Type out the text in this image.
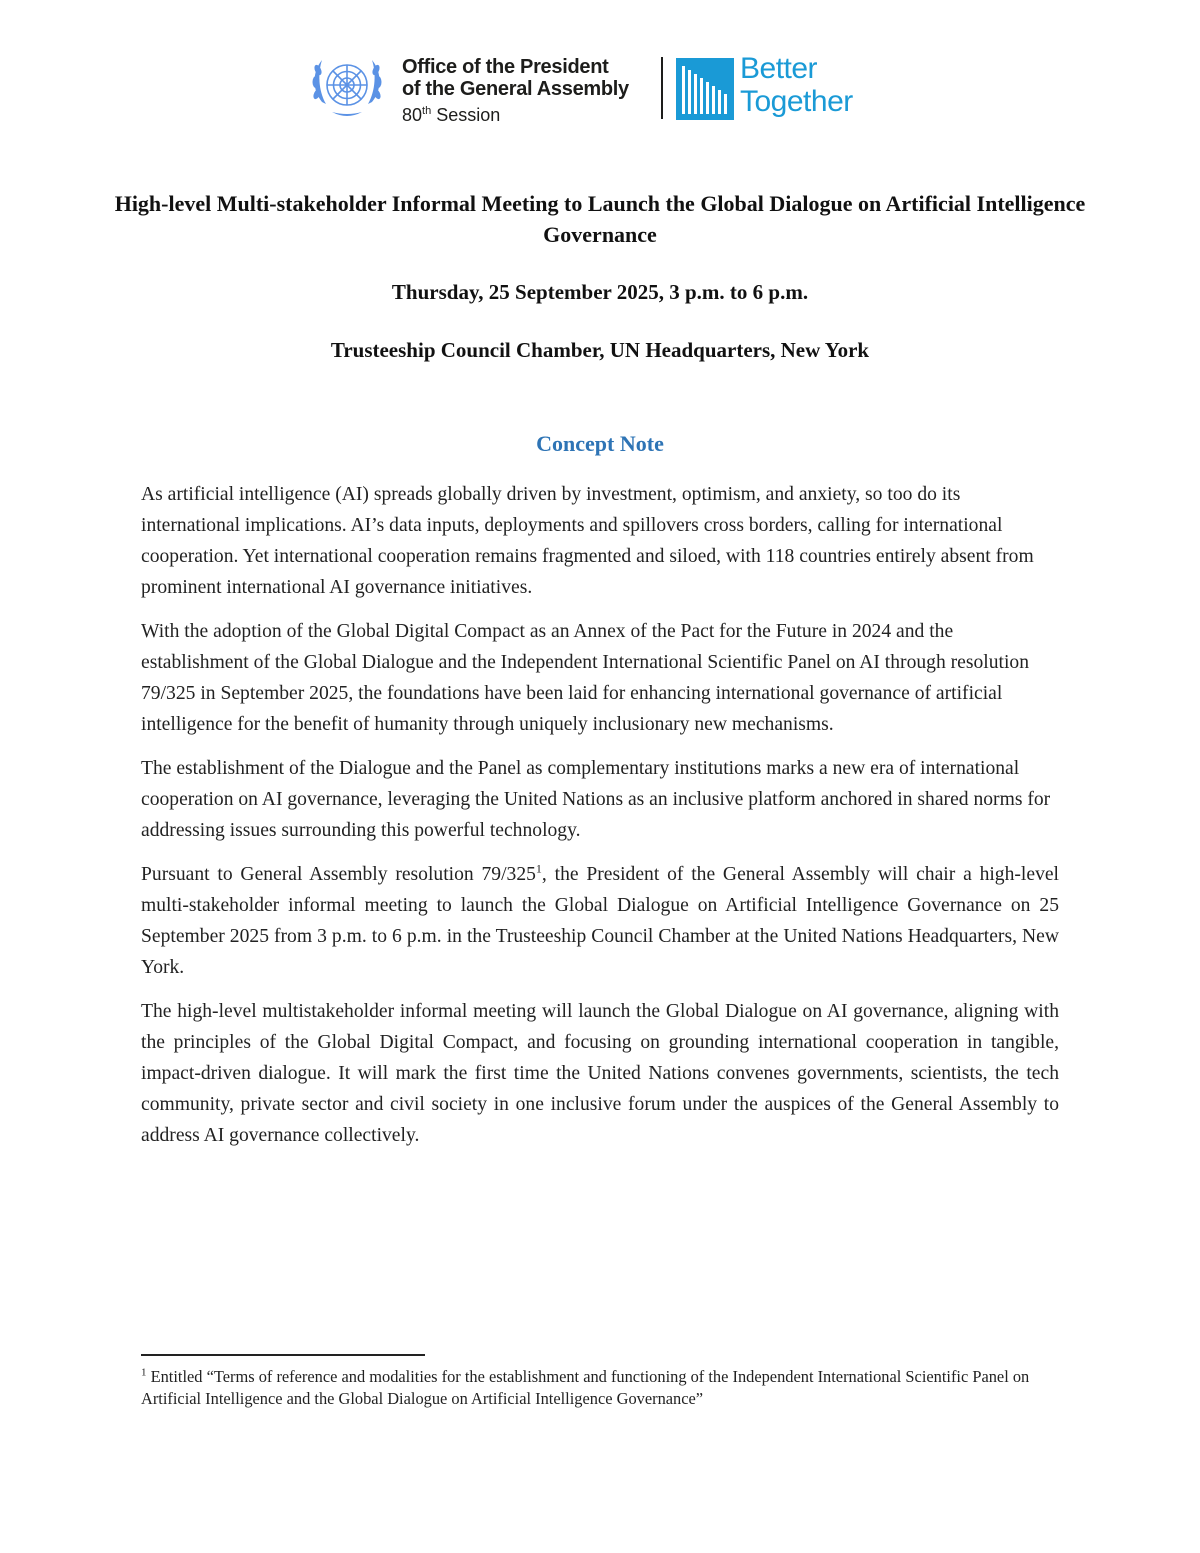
Office of the President
of the General Assembly
80th Session
Better
Together
High-level Multi-stakeholder Informal Meeting to Launch the Global Dialogue on Artificial Intelligence Governance
Thursday, 25 September 2025, 3 p.m. to 6 p.m.
Trusteeship Council Chamber, UN Headquarters, New York
Concept Note

As artificial intelligence (AI) spreads globally driven by investment, optimism, and anxiety, so too do its international implications. AI’s data inputs, deployments and spillovers cross borders, calling for international cooperation. Yet international cooperation remains fragmented and siloed, with 118 countries entirely absent from prominent international AI governance initiatives.

With the adoption of the Global Digital Compact as an Annex of the Pact for the Future in 2024 and the establishment of the Global Dialogue and the Independent International Scientific Panel on AI through resolution 79/325 in September 2025, the foundations have been laid for enhancing international governance of artificial intelligence for the benefit of humanity through uniquely inclusionary new mechanisms.

The establishment of the Dialogue and the Panel as complementary institutions marks a new era of international cooperation on AI governance, leveraging the United Nations as an inclusive platform anchored in shared norms for addressing issues surrounding this powerful technology.

Pursuant to General Assembly resolution $79/325^1$, the President of the General Assembly will chair a high-level multi-stakeholder informal meeting to launch the Global Dialogue on Artificial Intelligence Governance on 25 September 2025 from 3 p.m. to 6 p.m. in the Trusteeship Council Chamber at the United Nations Headquarters, New York.

The high-level multistakeholder informal meeting will launch the Global Dialogue on AI governance, aligning with the principles of the Global Digital Compact, and focusing on grounding international cooperation in tangible, impact-driven dialogue. It will mark the first time the United Nations convenes governments, scientists, the tech community, private sector and civil society in one inclusive forum under the auspices of the General Assembly to address AI governance collectively.

$^1$ Entitled “Terms of reference and modalities for the establishment and functioning of the Independent International Scientific Panel on Artificial Intelligence and the Global Dialogue on Artificial Intelligence Governance”
